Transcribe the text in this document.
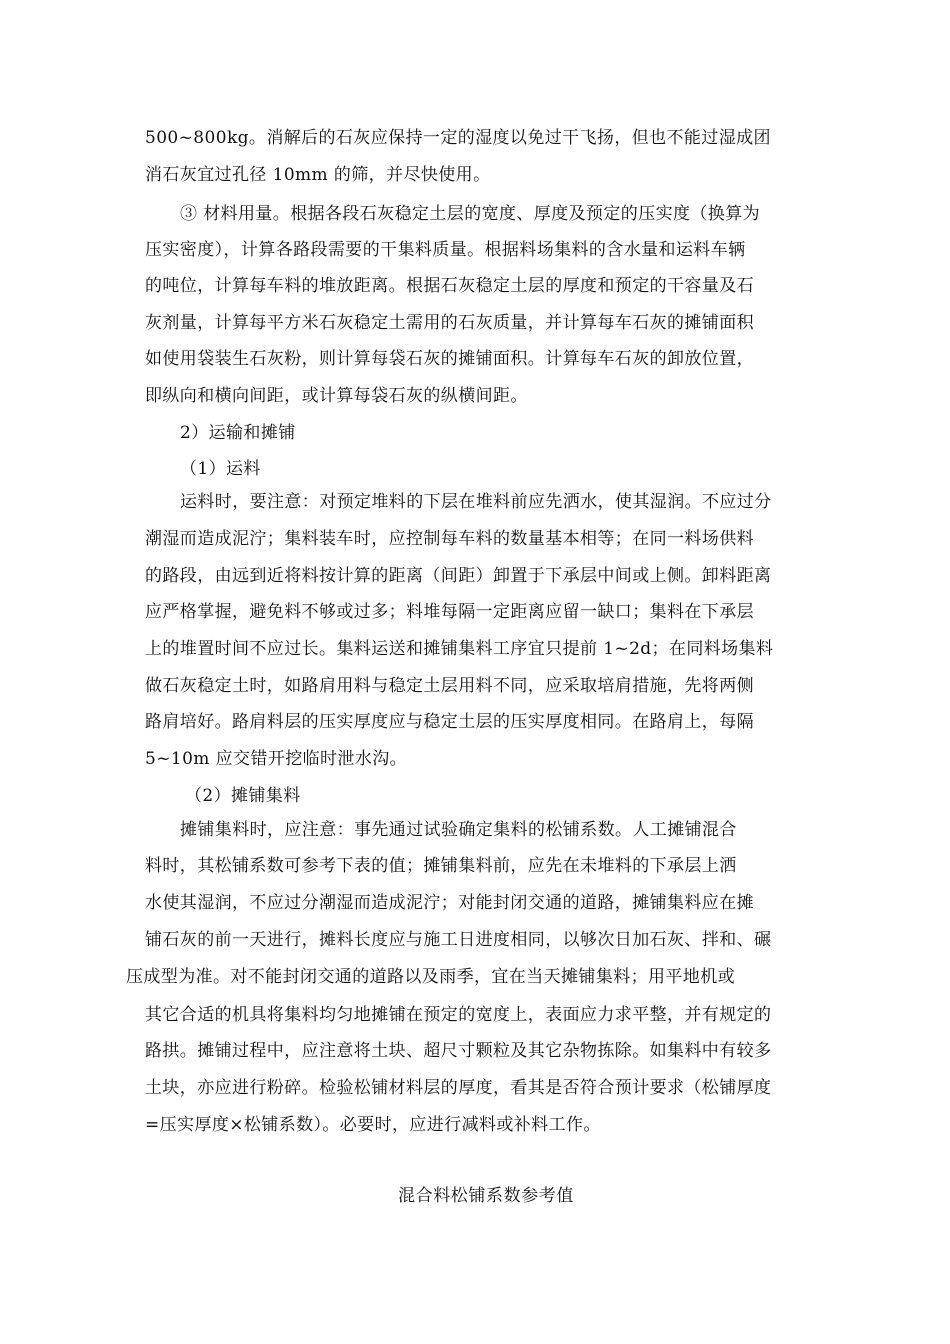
500~800kg。消解后的石灰应保持一定的湿度以免过干飞扬，但也不能过湿成团
消石灰宜过孔径 10mm 的筛，并尽快使用。
③ 材料用量。根据各段石灰稳定土层的宽度、厚度及预定的压实度（换算为
压实密度），计算各路段需要的干集料质量。根据料场集料的含水量和运料车辆
的吨位，计算每车料的堆放距离。根据石灰稳定土层的厚度和预定的干容量及石
灰剂量，计算每平方米石灰稳定土需用的石灰质量，并计算每车石灰的摊铺面积
如使用袋装生石灰粉，则计算每袋石灰的摊铺面积。计算每车石灰的卸放位置，
即纵向和横向间距，或计算每袋石灰的纵横间距。
2）运输和摊铺
（1）运料
运料时，要注意：对预定堆料的下层在堆料前应先洒水，使其湿润。不应过分
潮湿而造成泥泞；集料装车时，应控制每车料的数量基本相等；在同一料场供料
的路段，由远到近将料按计算的距离（间距）卸置于下承层中间或上侧。卸料距离
应严格掌握，避免料不够或过多；料堆每隔一定距离应留一缺口；集料在下承层
上的堆置时间不应过长。集料运送和摊铺集料工序宜只提前 1~2d；在同料场集料
做石灰稳定土时，如路肩用料与稳定土层用料不同，应采取培肩措施，先将两侧
路肩培好。路肩料层的压实厚度应与稳定土层的压实厚度相同。在路肩上，每隔
5~10m 应交错开挖临时泄水沟。
（2）摊铺集料
摊铺集料时，应注意：事先通过试验确定集料的松铺系数。人工摊铺混合
料时，其松铺系数可参考下表的值；摊铺集料前，应先在未堆料的下承层上洒
水使其湿润，不应过分潮湿而造成泥泞；对能封闭交通的道路，摊铺集料应在摊
铺石灰的前一天进行，摊料长度应与施工日进度相同，以够次日加石灰、拌和、碾
压成型为准。对不能封闭交通的道路以及雨季，宜在当天摊铺集料；用平地机或
其它合适的机具将集料均匀地摊铺在预定的宽度上，表面应力求平整，并有规定的
路拱。摊铺过程中，应注意将土块、超尺寸颗粒及其它杂物拣除。如集料中有较多
土块，亦应进行粉碎。检验松铺材料层的厚度，看其是否符合预计要求（松铺厚度
=压实厚度×松铺系数）。必要时，应进行减料或补料工作。
混合料松铺系数参考值
